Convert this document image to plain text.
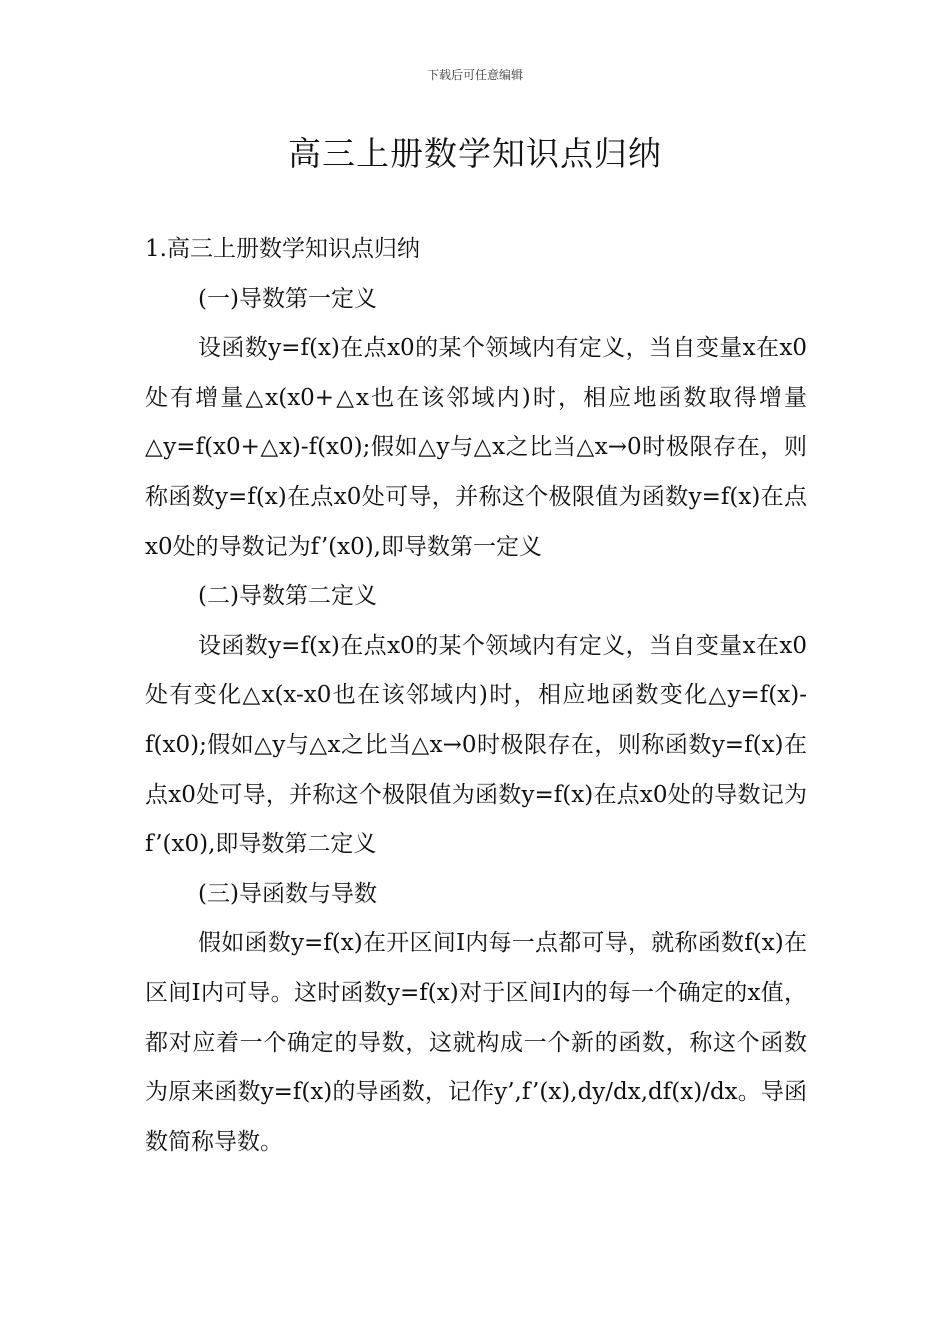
下载后可任意编辑
高三上册数学知识点归纳

1.高三上册数学知识点归纳

(一)导数第一定义

设函数y=f(x)在点x0的某个领域内有定义，当自变量x在x0处有增量△x(x0+△x也在该邻域内)时，相应地函数取得增量△y=f(x0+△x)-f(x0);假如△y与△x之比当△x→0时极限存在，则称函数y=f(x)在点x0处可导，并称这个极限值为函数y=f(x)在点x0处的导数记为f’(x0),即导数第一定义

(二)导数第二定义

设函数y=f(x)在点x0的某个领域内有定义，当自变量x在x0处有变化△x(x-x0也在该邻域内)时，相应地函数变化△y=f(x)-f(x0);假如△y与△x之比当△x→0时极限存在，则称函数y=f(x)在点x0处可导，并称这个极限值为函数y=f(x)在点x0处的导数记为f’(x0),即导数第二定义

(三)导函数与导数

假如函数y=f(x)在开区间I内每一点都可导，就称函数f(x)在区间I内可导。这时函数y=f(x)对于区间I内的每一个确定的x值，都对应着一个确定的导数，这就构成一个新的函数，称这个函数为原来函数y=f(x)的导函数，记作y’,f’(x),dy/dx,df(x)/dx。导函数简称导数。
